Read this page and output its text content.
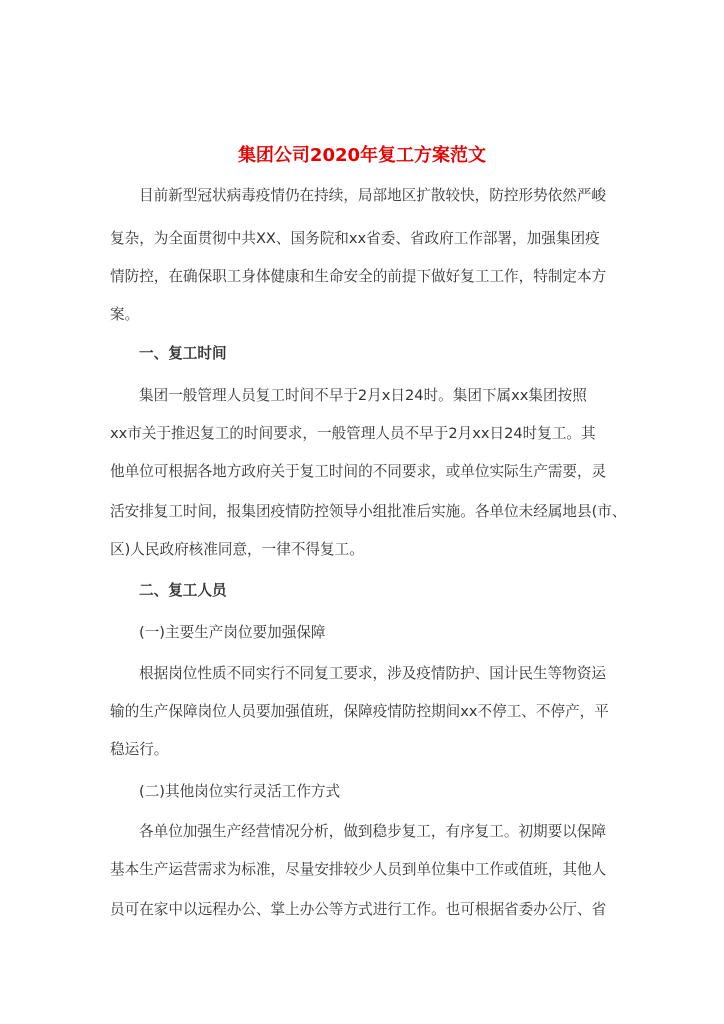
集团公司2020年复工方案范文
目前新型冠状病毒疫情仍在持续，局部地区扩散较快，防控形势依然严峻
复杂，为全面贯彻中共XX、国务院和xx省委、省政府工作部署，加强集团疫
情防控，在确保职工身体健康和生命安全的前提下做好复工工作，特制定本方
案。
一、复工时间
集团一般管理人员复工时间不早于2月x日24时。集团下属xx集团按照
xx市关于推迟复工的时间要求，一般管理人员不早于2月xx日24时复工。其
他单位可根据各地方政府关于复工时间的不同要求，或单位实际生产需要，灵
活安排复工时间，报集团疫情防控领导小组批准后实施。各单位未经属地县(市、
区)人民政府核准同意，一律不得复工。
二、复工人员
(一)主要生产岗位要加强保障
根据岗位性质不同实行不同复工要求，涉及疫情防护、国计民生等物资运
输的生产保障岗位人员要加强值班，保障疫情防控期间xx不停工、不停产，平
稳运行。
(二)其他岗位实行灵活工作方式
各单位加强生产经营情况分析，做到稳步复工，有序复工。初期要以保障
基本生产运营需求为标准，尽量安排较少人员到单位集中工作或值班，其他人
员可在家中以远程办公、掌上办公等方式进行工作。也可根据省委办公厅、省
